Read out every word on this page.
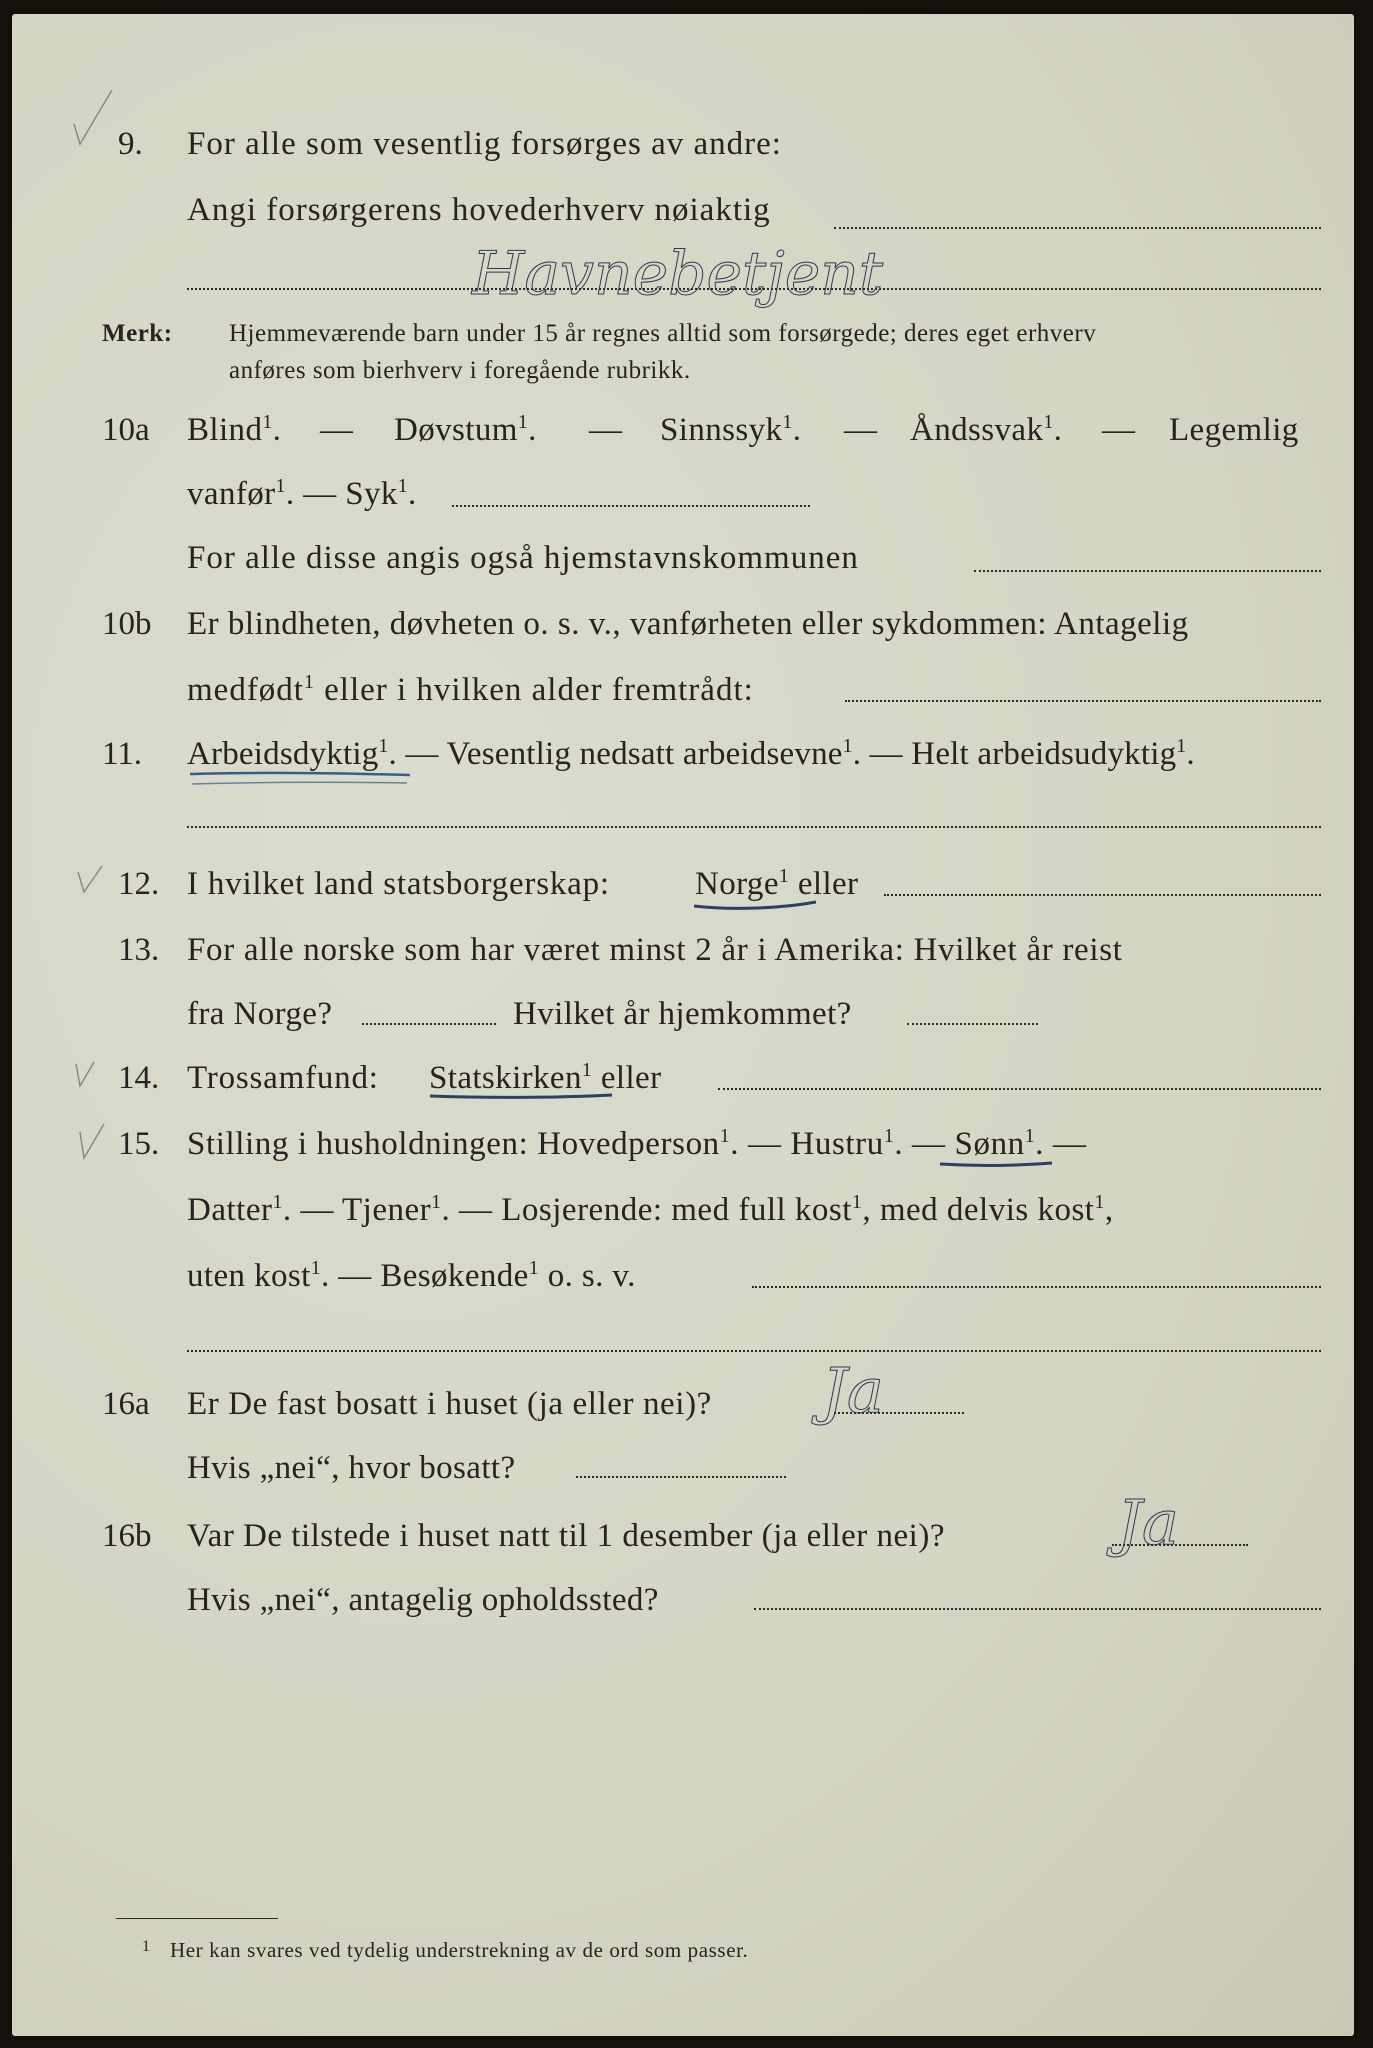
9. For alle som vesentlig forsørges av andre:
Angi forsørgerens hovederhverv nøiaktig
Havnebetjent	Havnekontor
Merk: Hjemmeværende barn under 15 år regnes alltid som forsørgede; deres eget erhverv
anføres som bierhverv i foregående rubrikk.
10a Blind$^1$. — Døvstum$^1$. — Sinnssyk$^1$. — Åndssvak$^1$. — Legemlig
vanfør$^1$. — Syk$^1$.
For alle disse angis også hjemstavnskommunen
10b Er blindheten, døvheten o. s. v., vanførheten eller sykdommen: Antagelig
medfødt$^1$ eller i hvilken alder fremtrådt:
11. Arbeidsdyktig$^1$. — Vesentlig nedsatt arbeidsevne$^1$. — Helt arbeidsudyktig$^1$.
12. I hvilket land statsborgerskap:	Norge$^1$ eller
13. For alle norske som har været minst 2 år i Amerika: Hvilket år reist
fra Norge?	Hvilket år hjemkommet?
14. Trossamfund: Statskirken$^1$ eller
15. Stilling i husholdningen: Hovedperson$^1$. — Hustru$^1$. — Sønn$^1$. —
Datter$^1$. — Tjener$^1$. — Losjerende: med full kost$^1$, med delvis kost$^1$,
uten kost$^1$. — Besøkende$^1$ o. s. v.
16a Er De fast bosatt i huset (ja eller nei)? Ja
Hvis „nei“, hvor bosatt?
16b Var De tilstede i huset natt til 1 desember (ja eller nei)?	Ja
Hvis „nei“, antagelig opholdssted?
1 Her kan svares ved tydelig understrekning av de ord som passer.
